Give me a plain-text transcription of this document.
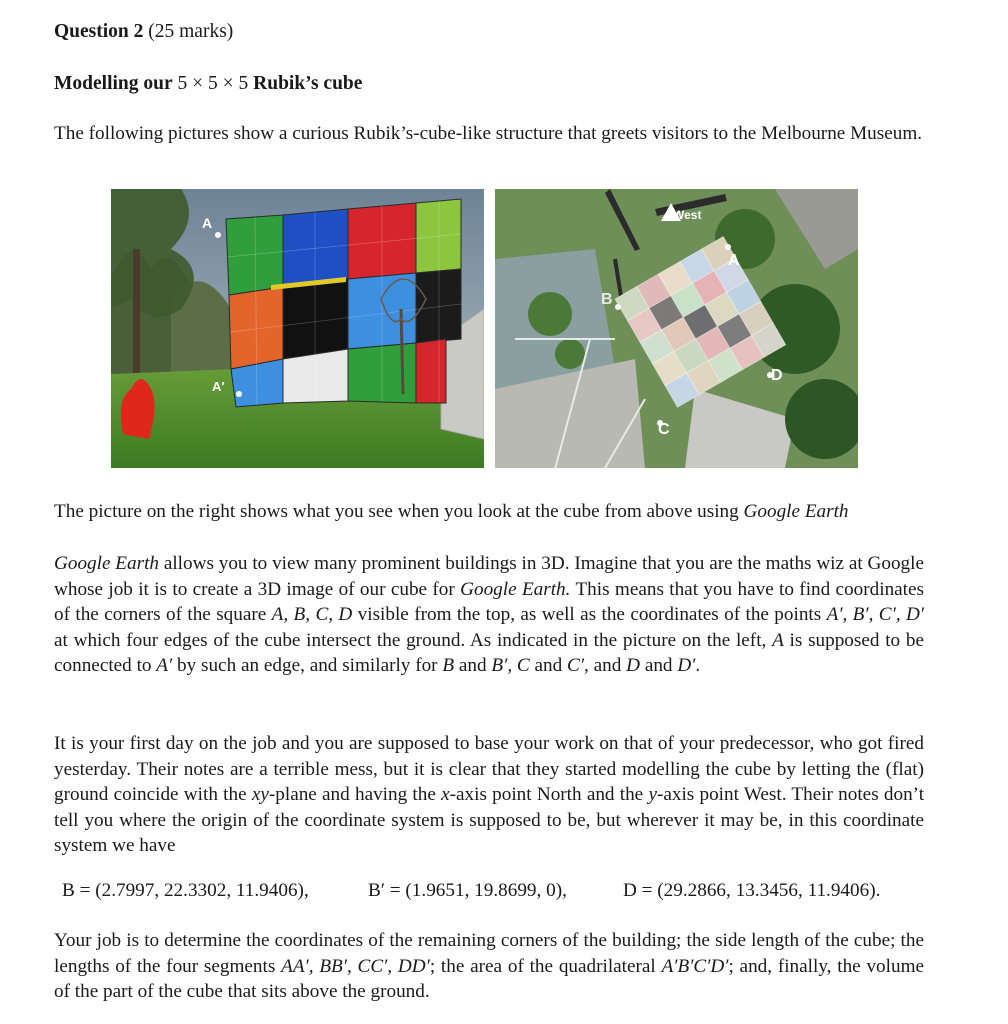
Question 2 (25 marks)
Modelling our 5 × 5 × 5 Rubik’s cube
The following pictures show a curious Rubik’s-cube-like structure that greets visitors to the Melbourne Museum.
A
A′
West
A
B
C
D
The picture on the right shows what you see when you look at the cube from above using Google Earth
Google Earth allows you to view many prominent buildings in 3D. Imagine that you are the maths wiz at Google whose job it is to create a 3D image of our cube for Google Earth. This means that you have to find coordinates of the corners of the square A, B, C, D visible from the top, as well as the coordinates of the points A′, B′, C′, D′ at which four edges of the cube intersect the ground. As indicated in the picture on the left, A is supposed to be connected to A′ by such an edge, and similarly for B and B′, C and C′, and D and D′.
It is your first day on the job and you are supposed to base your work on that of your predecessor, who got fired yesterday. Their notes are a terrible mess, but it is clear that they started modelling the cube by letting the (flat) ground coincide with the xy-plane and having the x-axis point North and the y-axis point West. Their notes don’t tell you where the origin of the coordinate system is supposed to be, but wherever it may be, in this coordinate system we have
B = (2.7997, 22.3302, 11.9406),	B′ = (1.9651, 19.8699, 0),	D = (29.2866, 13.3456, 11.9406).
Your job is to determine the coordinates of the remaining corners of the building; the side length of the cube; the lengths of the four segments AA′, BB′, CC′, DD′; the area of the quadrilateral A′B′C′D′; and, finally, the volume of the part of the cube that sits above the ground.
